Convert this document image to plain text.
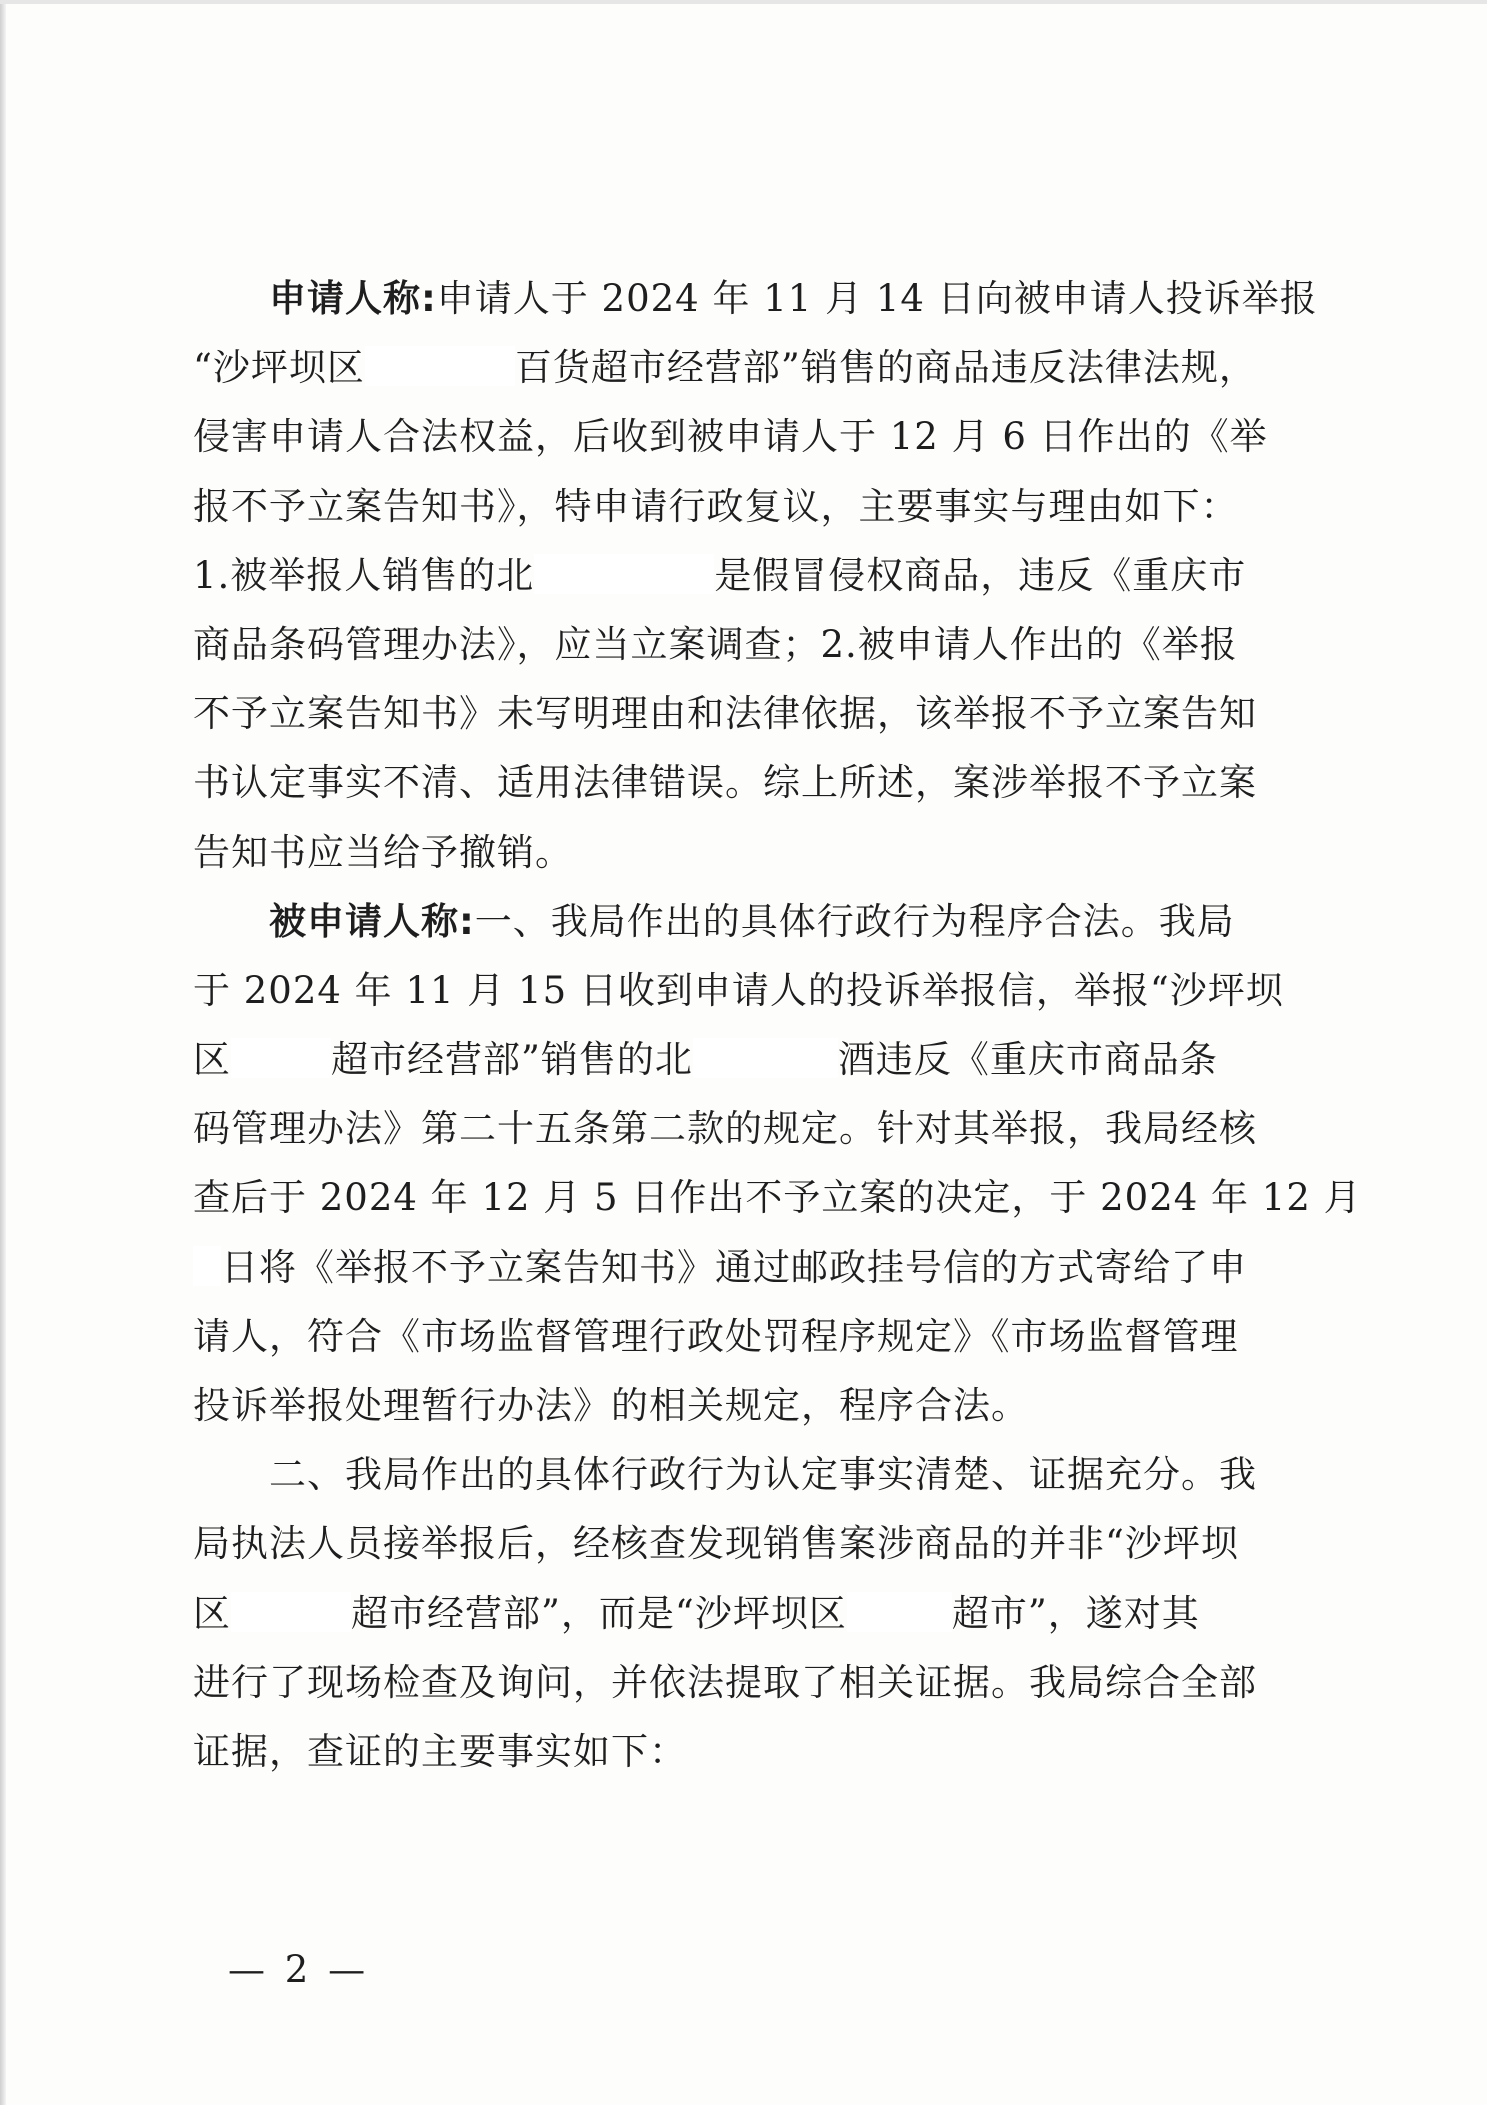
申请人称:申请人于 2024 年 11 月 14 日向被申请人投诉举报
“沙坪坝区	百货超市经营部”销售的商品违反法律法规，
侵害申请人合法权益，后收到被申请人于 12 月 6 日作出的《举
报不予立案告知书》，特申请行政复议，主要事实与理由如下：
1.被举报人销售的北	是假冒侵权商品，违反《重庆市
商品条码管理办法》，应当立案调查；2.被申请人作出的《举报
不予立案告知书》未写明理由和法律依据，该举报不予立案告知
书认定事实不清、适用法律错误。综上所述，案涉举报不予立案
告知书应当给予撤销。
被申请人称:一、我局作出的具体行政行为程序合法。我局
于 2024 年 11 月 15 日收到申请人的投诉举报信，举报“沙坪坝
区	超市经营部”销售的北	酒违反《重庆市商品条
码管理办法》第二十五条第二款的规定。针对其举报，我局经核
查后于 2024 年 12 月 5 日作出不予立案的决定，于 2024 年 12 月
日将《举报不予立案告知书》通过邮政挂号信的方式寄给了申
请人，符合《市场监督管理行政处罚程序规定》《市场监督管理
投诉举报处理暂行办法》的相关规定，程序合法。
二、我局作出的具体行政行为认定事实清楚、证据充分。我
局执法人员接举报后，经核查发现销售案涉商品的并非“沙坪坝
区	超市经营部”，而是“沙坪坝区	超市”，遂对其
进行了现场检查及询问，并依法提取了相关证据。我局综合全部
证据，查证的主要事实如下：
— 2 —
